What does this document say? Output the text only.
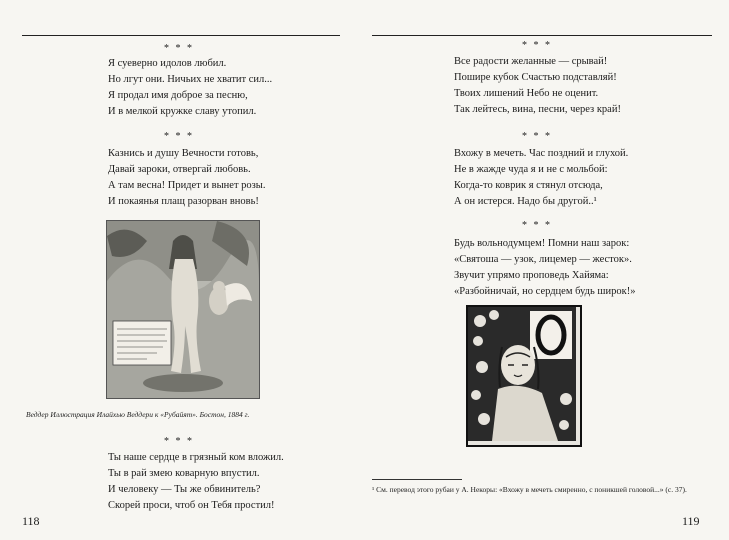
* * *
Я суеверно идолов любил.
Но лгут они. Ничьих не хватит сил...
Я продал имя доброе за песню,
И в мелкой кружке славу утопил.
* * *
Казнись и душу Вечности готовь,
Давай зароки, отвергай любовь.
А там весна! Придет и вынет розы.
И покаянья плащ разорван вновь!
Веддер Иллюстрация Илайхью Веддери к «Рубайят». Бостон, 1884 г.
* * *
Ты наше сердце в грязный ком вложил.
Ты в рай змею коварную впустил.
И человеку — Ты же обвинитель?
Скорей проси, чтоб он Тебя простил!
118
* * *
Все радости желанные — срывай!
Пошире кубок Счастью подставляй!
Твоих лишений Небо не оценит.
Так лейтесь, вина, песни, через край!
* * *
Вхожу в мечеть. Час поздний и глухой.
Не в жажде чуда я и не с мольбой:
Когда-то коврик я стянул отсюда,
А он истерся. Надо бы другой..¹
* * *
Будь вольнодумцем! Помни наш зарок:
«Святоша — узок, лицемер — жесток».
Звучит упрямо проповедь Хайяма:
«Разбойничай, но сердцем будь широк!»
¹ См. перевод этого рубаи у А. Некоры: «Вхожу в мечеть смиренно, с поникшей головой...» (с. 37).
119
